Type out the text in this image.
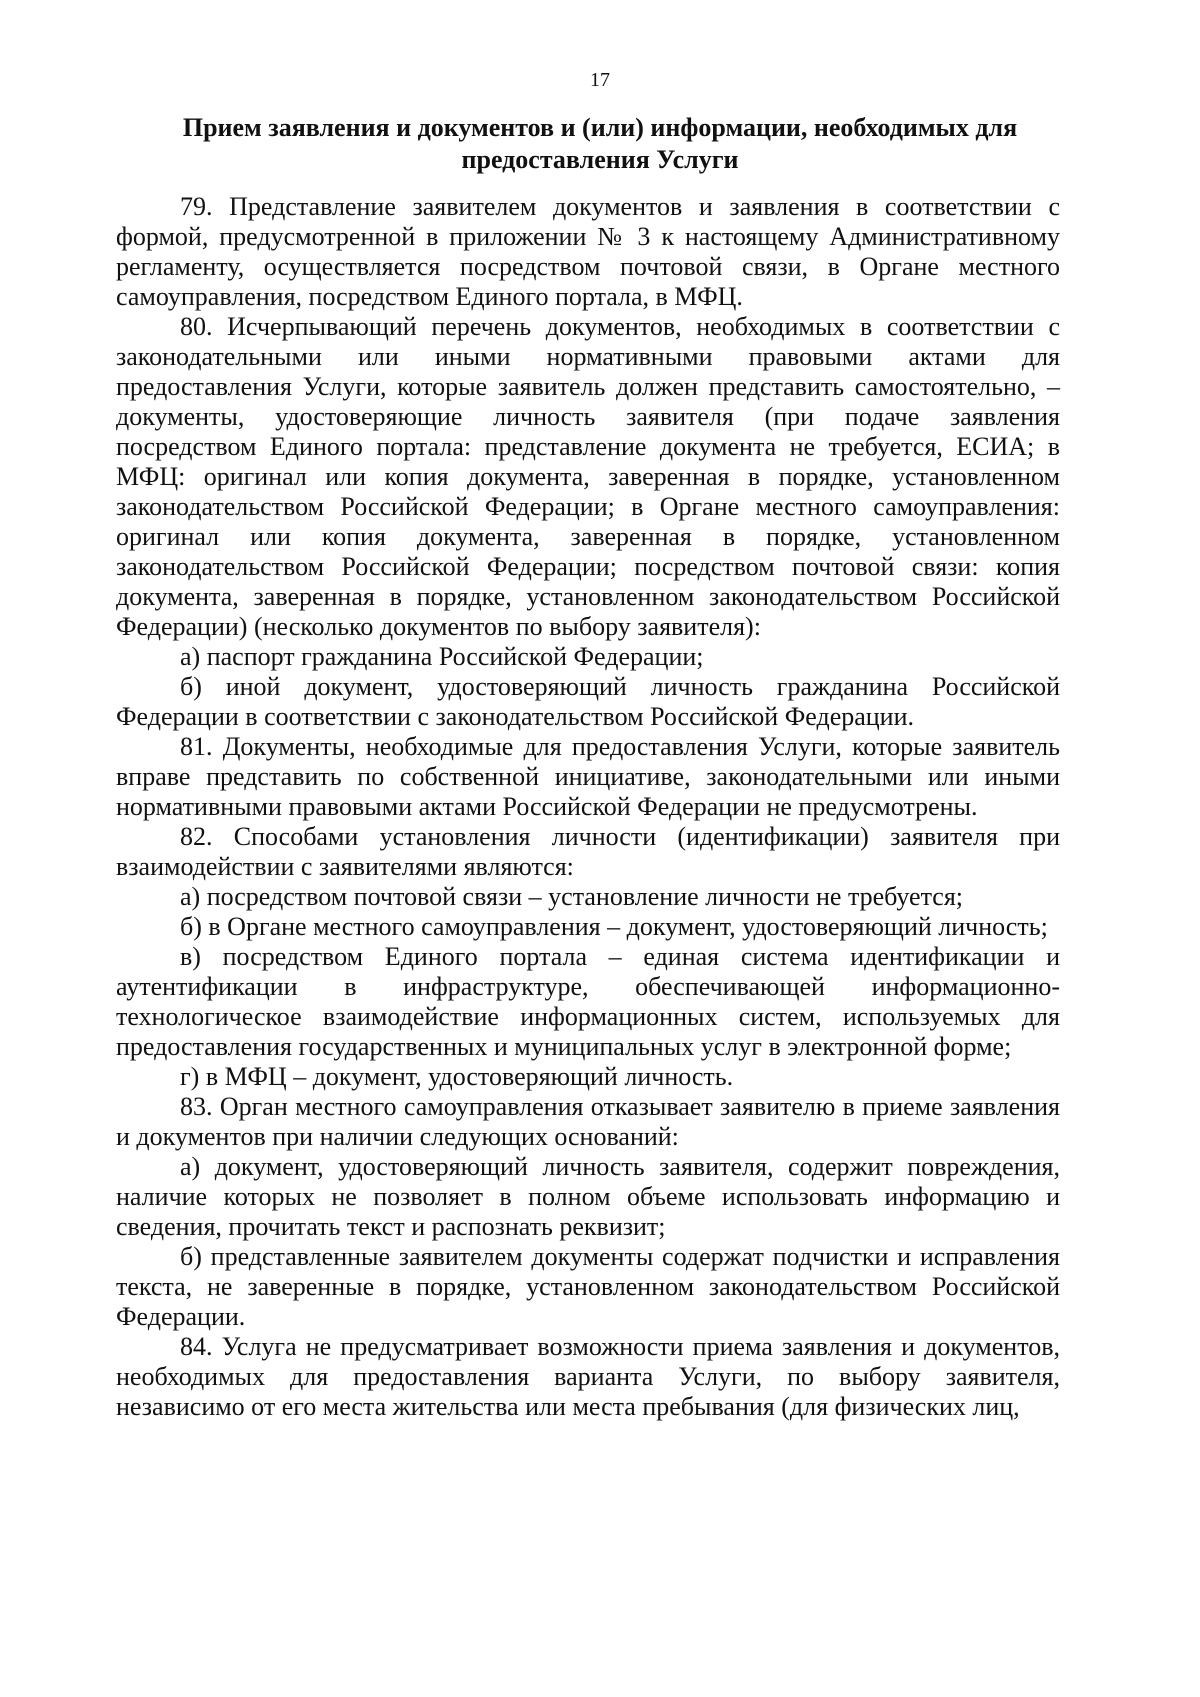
17
Прием заявления и документов и (или) информации, необходимых для предоставления Услуги

79. Представление заявителем документов и заявления в соответствии с формой, предусмотренной в приложении № 3 к настоящему Административному регламенту, осуществляется посредством почтовой связи, в Органе местного самоуправления, посредством Единого портала, в МФЦ.

80. Исчерпывающий перечень документов, необходимых в соответствии с законодательными или иными нормативными правовыми актами для предоставления Услуги, которые заявитель должен представить самостоятельно, – документы, удостоверяющие личность заявителя (при подаче заявления посредством Единого портала: представление документа не требуется, ЕСИА; в МФЦ: оригинал или копия документа, заверенная в порядке, установленном законодательством Российской Федерации; в Органе местного самоуправления: оригинал или копия документа, заверенная в порядке, установленном законодательством Российской Федерации; посредством почтовой связи: копия документа, заверенная в порядке, установленном законодательством Российской Федерации) (несколько документов по выбору заявителя):

а) паспорт гражданина Российской Федерации;

б) иной документ, удостоверяющий личность гражданина Российской Федерации в соответствии с законодательством Российской Федерации.

81. Документы, необходимые для предоставления Услуги, которые заявитель вправе представить по собственной инициативе, законодательными или иными нормативными правовыми актами Российской Федерации не предусмотрены.

82. Способами установления личности (идентификации) заявителя при взаимодействии с заявителями являются:

а) посредством почтовой связи – установление личности не требуется;

б) в Органе местного самоуправления – документ, удостоверяющий личность;

в) посредством Единого портала – единая система идентификации и аутентификации в инфраструктуре, обеспечивающей информационно-технологическое взаимодействие информационных систем, используемых для предоставления государственных и муниципальных услуг в электронной форме;

г) в МФЦ – документ, удостоверяющий личность.

83. Орган местного самоуправления отказывает заявителю в приеме заявления и документов при наличии следующих оснований:

а) документ, удостоверяющий личность заявителя, содержит повреждения, наличие которых не позволяет в полном объеме использовать информацию и сведения, прочитать текст и распознать реквизит;

б) представленные заявителем документы содержат подчистки и исправления текста, не заверенные в порядке, установленном законодательством Российской Федерации.

84. Услуга не предусматривает возможности приема заявления и документов, необходимых для предоставления варианта Услуги, по выбору заявителя, независимо от его места жительства или места пребывания (для физических лиц,
